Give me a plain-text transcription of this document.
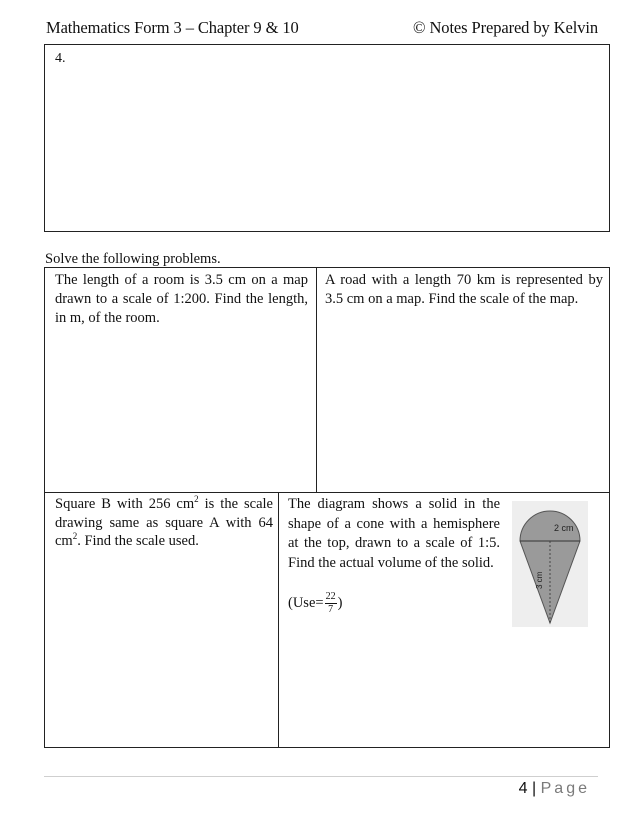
Mathematics Form 3 – Chapter 9 & 10	© Notes Prepared by Kelvin
4.
Solve the following problems.
The length of a room is 3.5 cm on a map drawn to a scale of 1:200. Find the length, in m, of the room.
A road with a length 70 km is represented by 3.5 cm on a map. Find the scale of the map.
Square B with 256 $cm^2$ is the scale drawing same as square A with 64 $cm^2$. Find the scale used.
The diagram shows a solid in the shape of a cone with a hemisphere at the top, drawn to a scale of 1:5. Find the actual volume of the solid.
($Use= \frac{22}{7}$ )
2 cm
3 cm
4 | Page
